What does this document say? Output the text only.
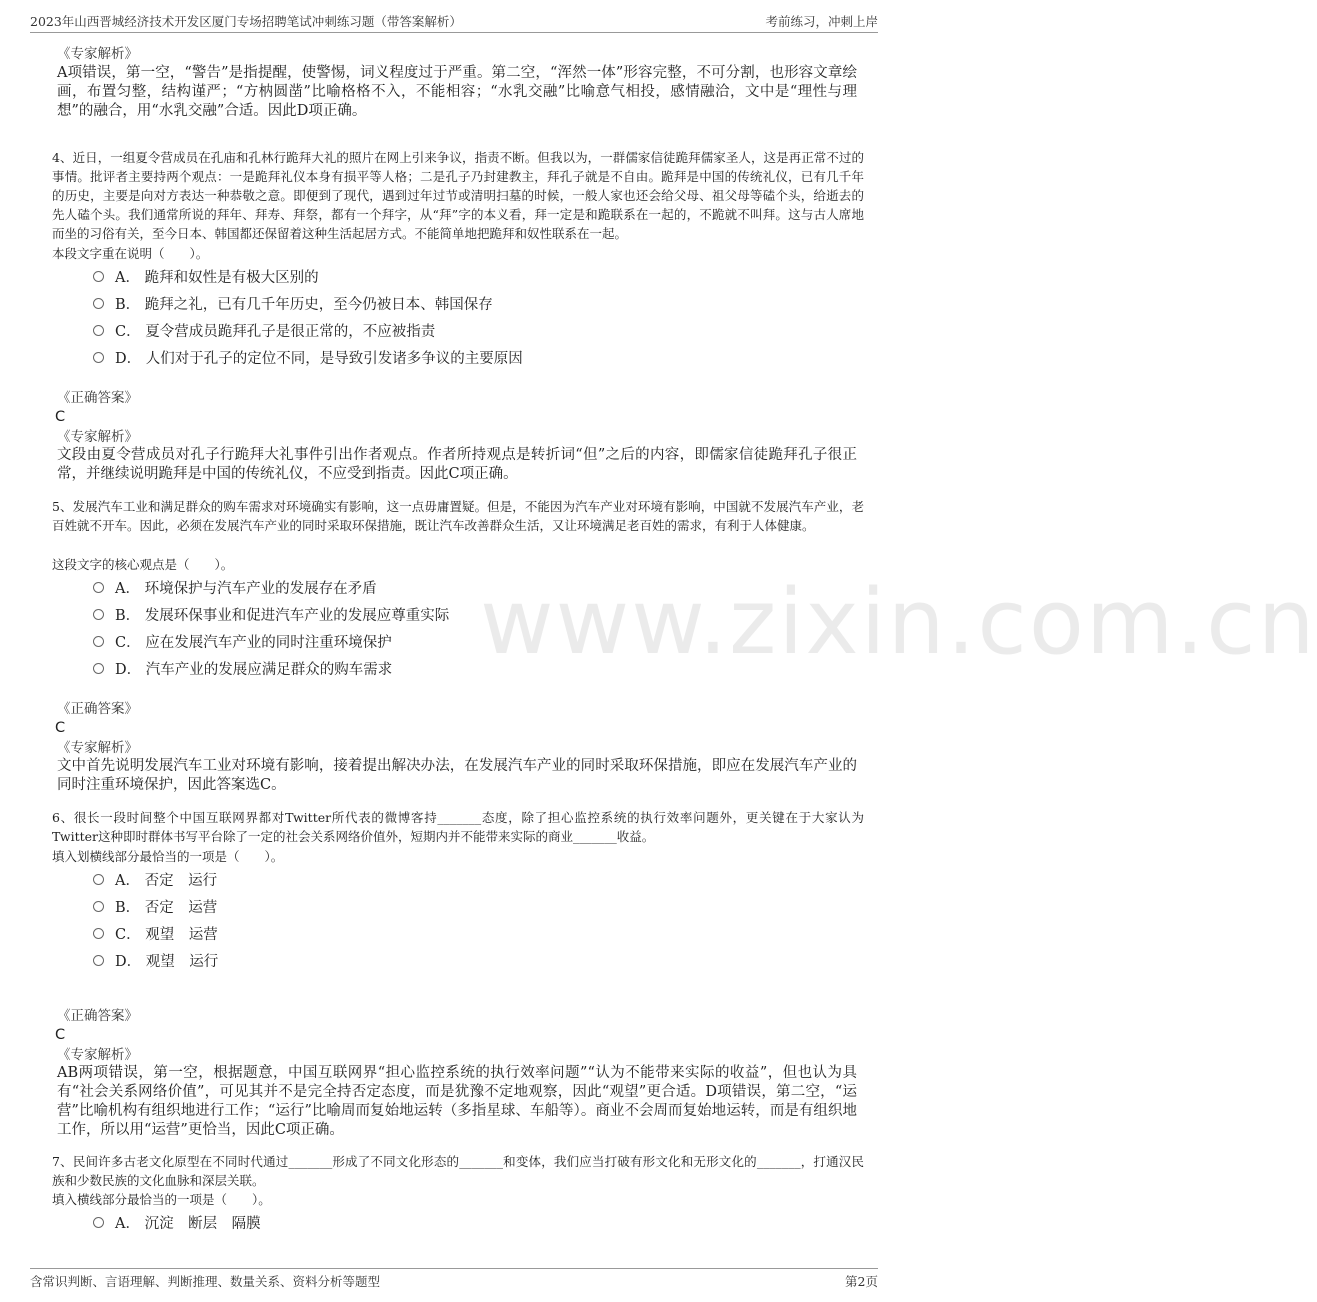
2023年山西晋城经济技术开发区厦门专场招聘笔试冲刺练习题（带答案解析）	考前练习，冲刺上岸
www.zixin.com.cn
《专家解析》
A项错误，第一空，“警告”是指提醒，使警惕，词义程度过于严重。第二空，“浑然一体”形容完整，不可分割，也形容文章绘画，布置匀整，结构谨严；“方枘圆凿”比喻格格不入，不能相容；“水乳交融”比喻意气相投，感情融洽，文中是“理性与理想”的融合，用“水乳交融”合适。因此D项正确。
4、近日，一组夏令营成员在孔庙和孔林行跪拜大礼的照片在网上引来争议，指责不断。但我以为，一群儒家信徒跪拜儒家圣人，这是再正常不过的事情。批评者主要持两个观点：一是跪拜礼仪本身有损平等人格；二是孔子乃封建教主，拜孔子就是不自由。跪拜是中国的传统礼仪，已有几千年的历史，主要是向对方表达一种恭敬之意。即便到了现代，遇到过年过节或清明扫墓的时候，一般人家也还会给父母、祖父母等磕个头，给逝去的先人磕个头。我们通常所说的拜年、拜寿、拜祭，都有一个拜字，从“拜”字的本义看，拜一定是和跪联系在一起的，不跪就不叫拜。这与古人席地而坐的习俗有关，至今日本、韩国都还保留着这种生活起居方式。不能简单地把跪拜和奴性联系在一起。
本段文字重在说明（　　）。
A． 跪拜和奴性是有极大区别的
B． 跪拜之礼，已有几千年历史，至今仍被日本、韩国保存
C． 夏令营成员跪拜孔子是很正常的，不应被指责
D． 人们对于孔子的定位不同，是导致引发诸多争议的主要原因
《正确答案》
C
《专家解析》
文段由夏令营成员对孔子行跪拜大礼事件引出作者观点。作者所持观点是转折词“但”之后的内容，即儒家信徒跪拜孔子很正常，并继续说明跪拜是中国的传统礼仪，不应受到指责。因此C项正确。
5、发展汽车工业和满足群众的购车需求对环境确实有影响，这一点毋庸置疑。但是，不能因为汽车产业对环境有影响，中国就不发展汽车产业，老百姓就不开车。因此，必须在发展汽车产业的同时采取环保措施，既让汽车改善群众生活，又让环境满足老百姓的需求，有利于人体健康。
这段文字的核心观点是（　　）。
A． 环境保护与汽车产业的发展存在矛盾
B． 发展环保事业和促进汽车产业的发展应尊重实际
C． 应在发展汽车产业的同时注重环境保护
D． 汽车产业的发展应满足群众的购车需求
《正确答案》
C
《专家解析》
文中首先说明发展汽车工业对环境有影响，接着提出解决办法，在发展汽车产业的同时采取环保措施，即应在发展汽车产业的同时注重环境保护，因此答案选C。
6、很长一段时间整个中国互联网界都对Twitter所代表的微博客持_______态度，除了担心监控系统的执行效率问题外，更关键在于大家认为Twitter这种即时群体书写平台除了一定的社会关系网络价值外，短期内并不能带来实际的商业_______收益。
填入划横线部分最恰当的一项是（　　）。
A． 否定　运行
B． 否定　运营
C． 观望　运营
D． 观望　运行
《正确答案》
C
《专家解析》
AB两项错误，第一空，根据题意，中国互联网界“担心监控系统的执行效率问题”“认为不能带来实际的收益”，但也认为具有“社会关系网络价值”，可见其并不是完全持否定态度，而是犹豫不定地观察，因此“观望”更合适。D项错误，第二空，“运营”比喻机构有组织地进行工作；“运行”比喻周而复始地运转（多指星球、车船等）。商业不会周而复始地运转，而是有组织地工作，所以用“运营”更恰当，因此C项正确。
7、民间许多古老文化原型在不同时代通过_______形成了不同文化形态的_______和变体，我们应当打破有形文化和无形文化的_______，打通汉民族和少数民族的文化血脉和深层关联。
填入横线部分最恰当的一项是（　　）。
A． 沉淀　断层　隔膜
含常识判断、言语理解、判断推理、数量关系、资料分析等题型	第2页
